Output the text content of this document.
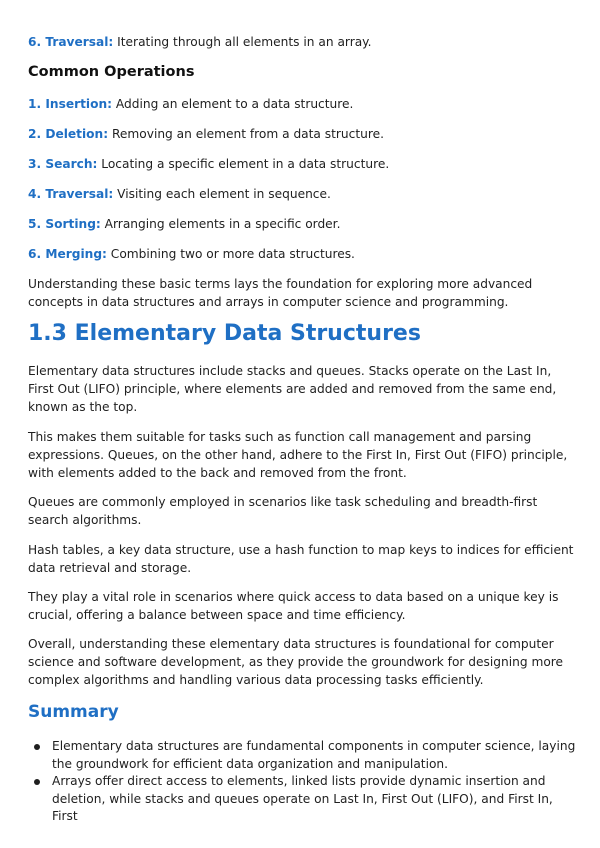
6. Traversal: Iterating through all elements in an array.

Common Operations

1. Insertion: Adding an element to a data structure.

2. Deletion: Removing an element from a data structure.

3. Search: Locating a specific element in a data structure.

4. Traversal: Visiting each element in sequence.

5. Sorting: Arranging elements in a specific order.

6. Merging: Combining two or more data structures.

Understanding these basic terms lays the foundation for exploring more advanced concepts in data structures and arrays in computer science and programming.

1.3 Elementary Data Structures

Elementary data structures include stacks and queues. Stacks operate on the Last In, First Out (LIFO) principle, where elements are added and removed from the same end, known as the top.

This makes them suitable for tasks such as function call management and parsing expressions. Queues, on the other hand, adhere to the First In, First Out (FIFO) principle, with elements added to the back and removed from the front.

Queues are commonly employed in scenarios like task scheduling and breadth-first search algorithms.

Hash tables, a key data structure, use a hash function to map keys to indices for efficient data retrieval and storage.

They play a vital role in scenarios where quick access to data based on a unique key is crucial, offering a balance between space and time efficiency.

Overall, understanding these elementary data structures is foundational for computer science and software development, as they provide the groundwork for designing more complex algorithms and handling various data processing tasks efficiently.

Summary
Elementary data structures are fundamental components in computer science, laying the groundwork for efficient data organization and manipulation.
Arrays offer direct access to elements, linked lists provide dynamic insertion and deletion, while stacks and queues operate on Last In, First Out (LIFO), and First In, First
